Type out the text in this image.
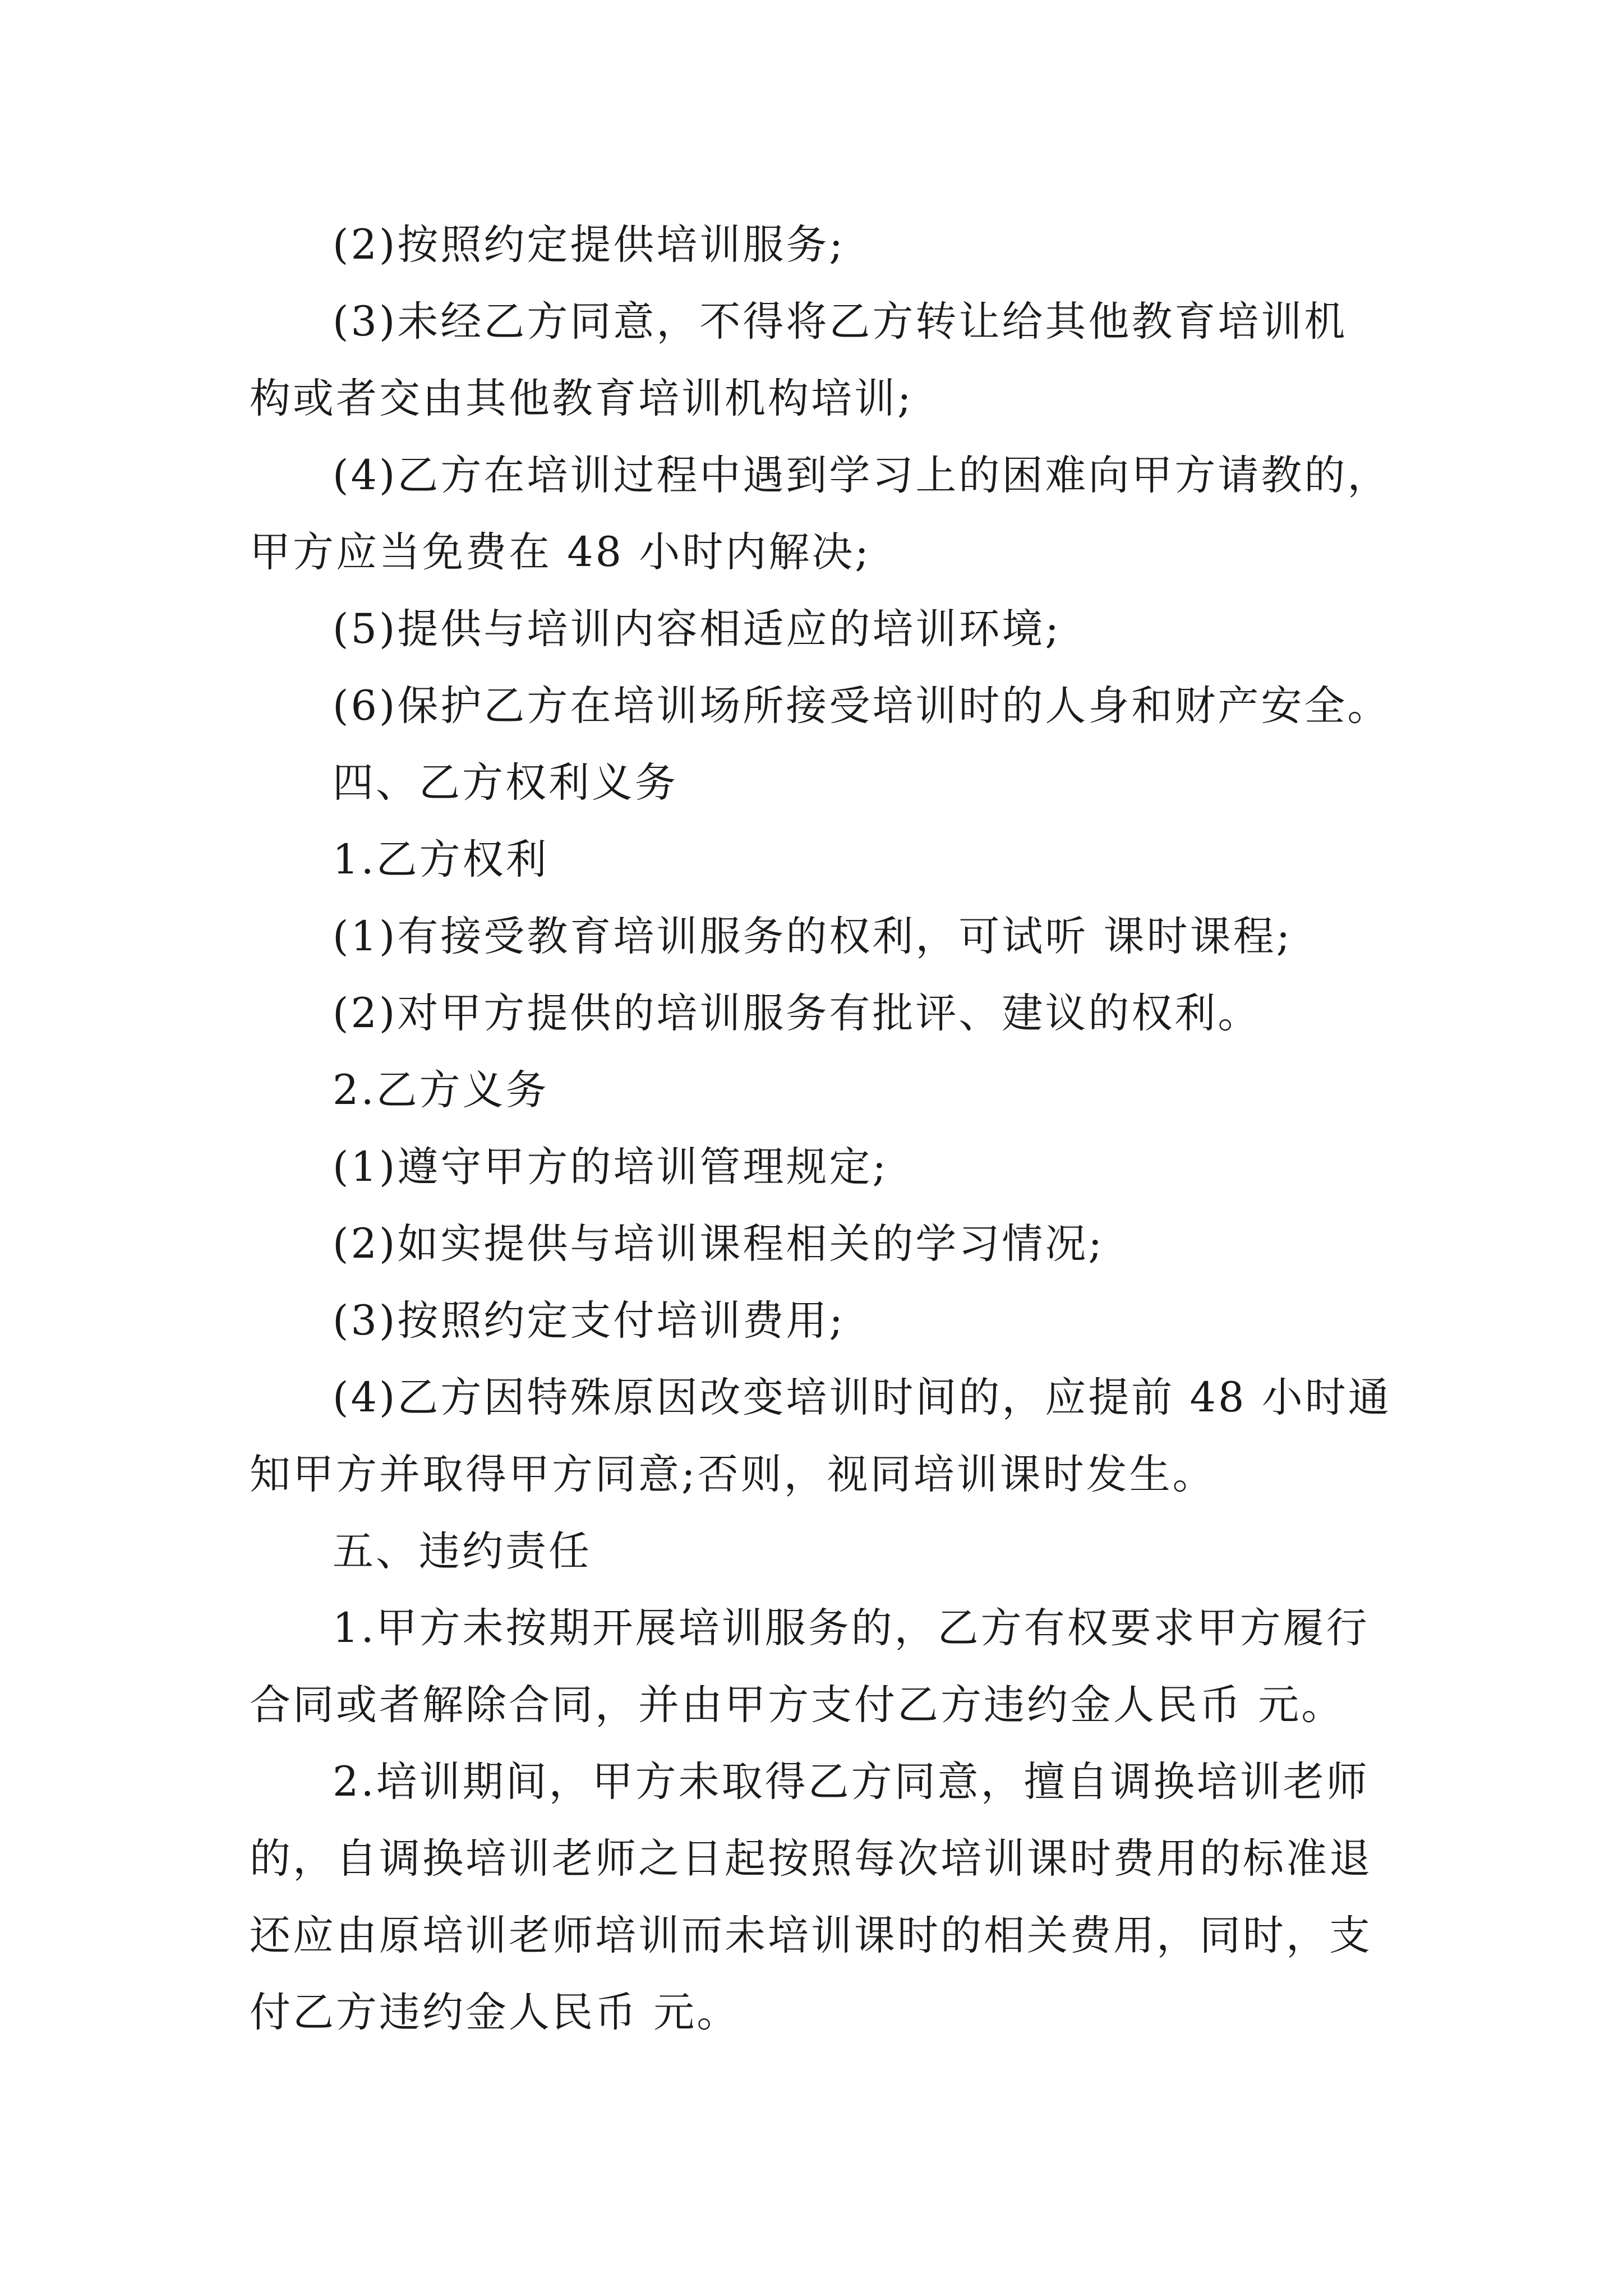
(2)按照约定提供培训服务;
(3)未经乙方同意，不得将乙方转让给其他教育培训机
构或者交由其他教育培训机构培训;
(4)乙方在培训过程中遇到学习上的困难向甲方请教的，
甲方应当免费在 48 小时内解决;
(5)提供与培训内容相适应的培训环境;
(6)保护乙方在培训场所接受培训时的人身和财产安全。
四、乙方权利义务
1.乙方权利
(1)有接受教育培训服务的权利，可试听 课时课程;
(2)对甲方提供的培训服务有批评、建议的权利。
2.乙方义务
(1)遵守甲方的培训管理规定;
(2)如实提供与培训课程相关的学习情况;
(3)按照约定支付培训费用;
(4)乙方因特殊原因改变培训时间的，应提前 48 小时通
知甲方并取得甲方同意;否则，视同培训课时发生。
五、违约责任
1.甲方未按期开展培训服务的，乙方有权要求甲方履行
合同或者解除合同，并由甲方支付乙方违约金人民币 元。
2.培训期间，甲方未取得乙方同意，擅自调换培训老师
的，自调换培训老师之日起按照每次培训课时费用的标准退
还应由原培训老师培训而未培训课时的相关费用，同时，支
付乙方违约金人民币 元。
